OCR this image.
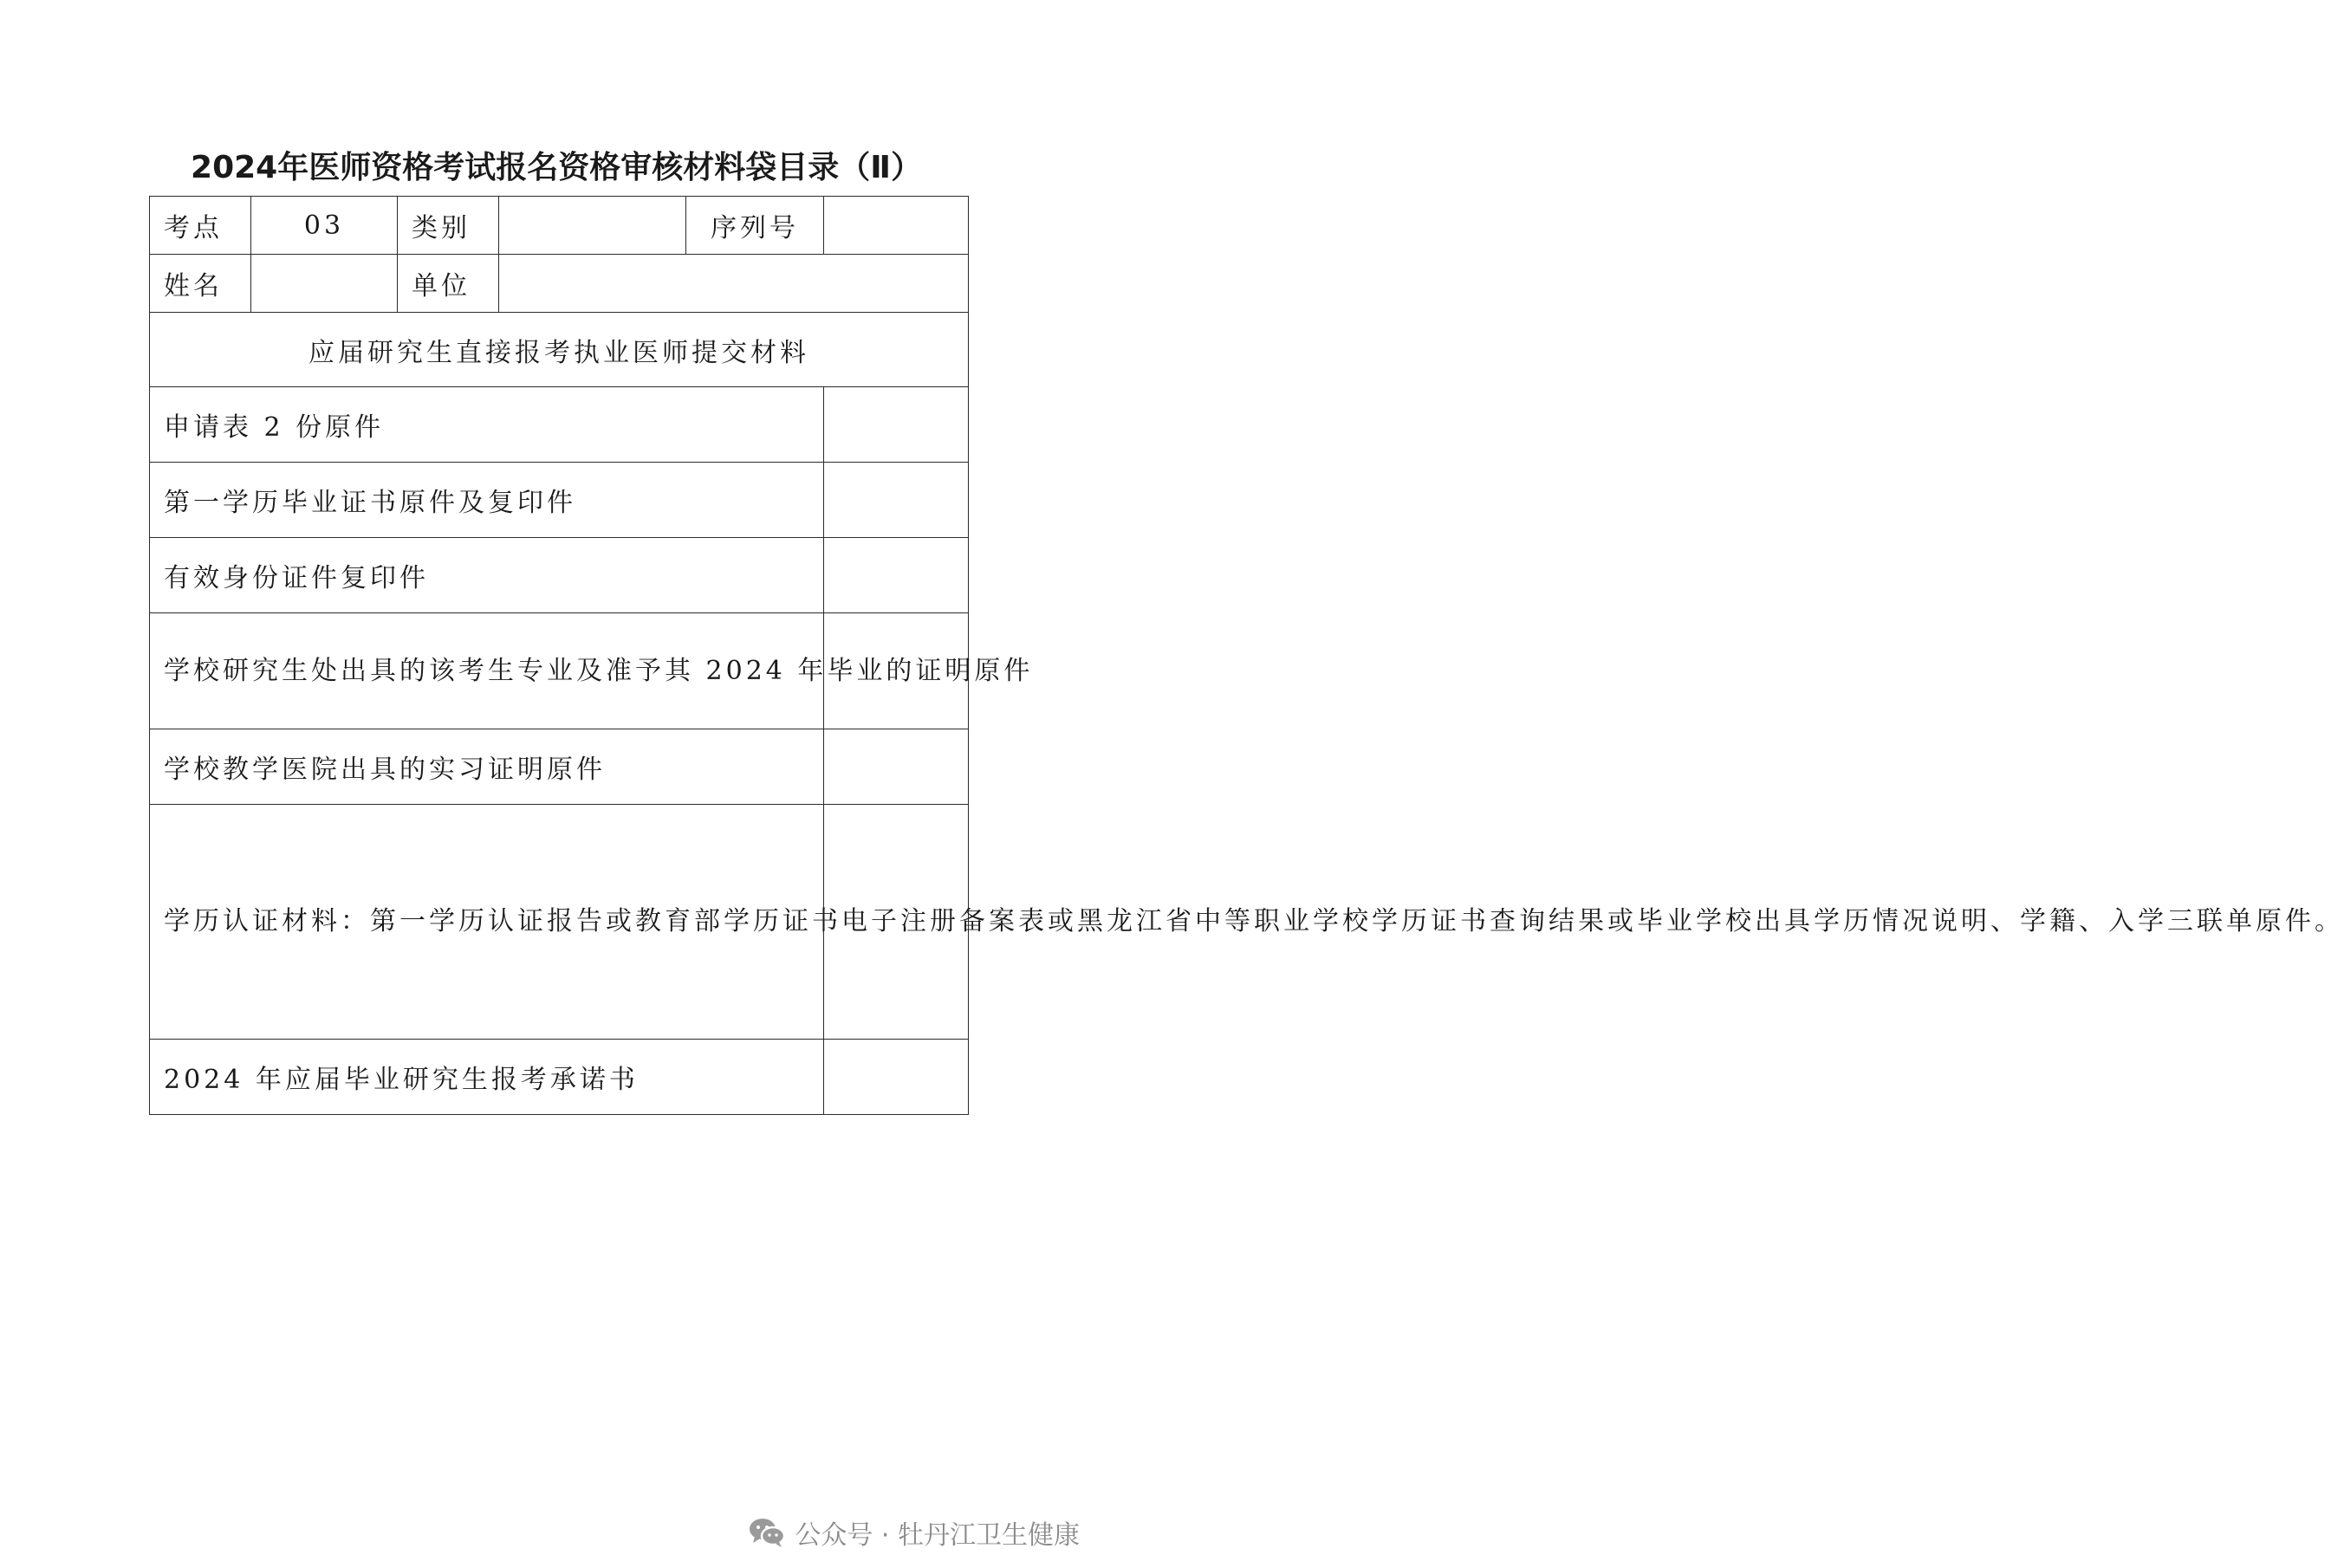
2024年医师资格考试报名资格审核材料袋目录（Ⅱ）
考点	03	类别		序列号	
姓名		单位			
应届研究生直接报考执业医师提交材料					
申请表 2 份原件					
第一学历毕业证书原件及复印件					
有效身份证件复印件					
学校研究生处出具的该考生专业及准予其 2024 年毕业的证明原件					
学校教学医院出具的实习证明原件					
学历认证材料：第一学历认证报告或教育部学历证书电子注册备案表或黑龙江省中等职业学校学历证书查询结果或毕业学校出具学历情况说明、学籍、入学三联单原件。					
2024 年应届毕业研究生报考承诺书					
公众号 · 牡丹江卫生健康
